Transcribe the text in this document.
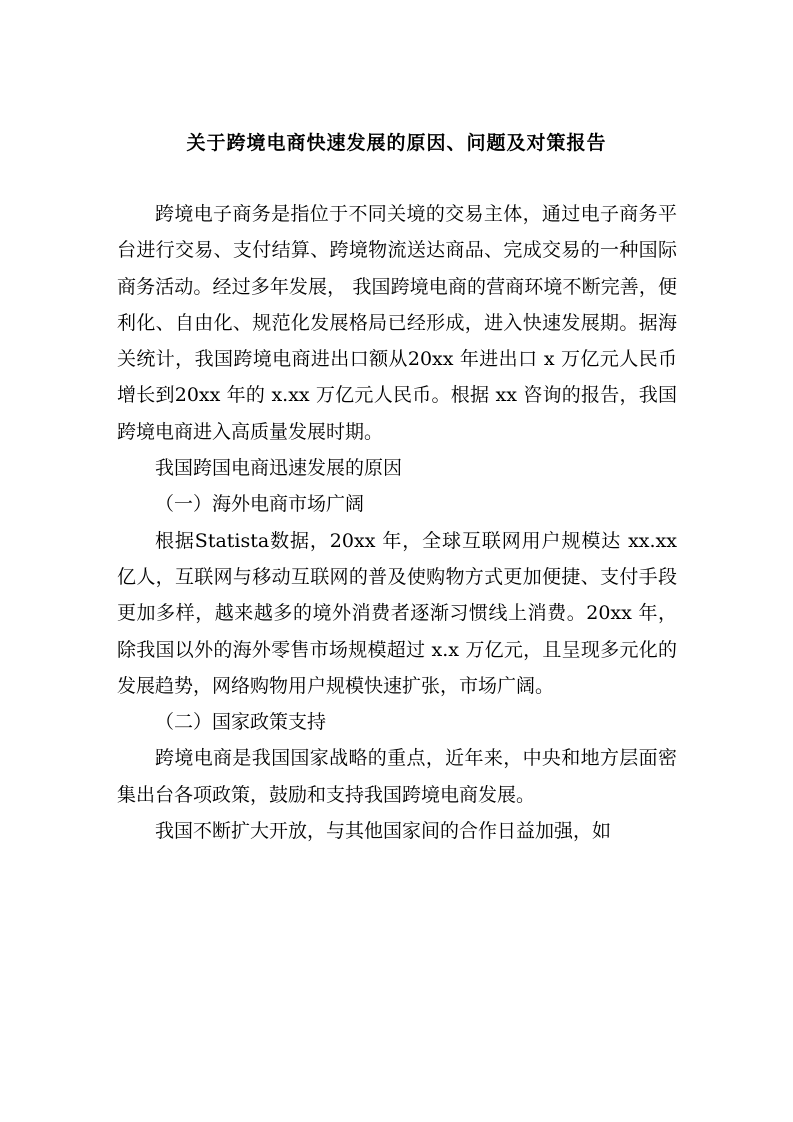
关于跨境电商快速发展的原因、问题及对策报告

跨境电子商务是指位于不同关境的交易主体，通过电子商务平台进行交易、支付结算、跨境物流送达商品、完成交易的一种国际商务活动。经过多年发展， 我国跨境电商的营商环境不断完善，便利化、自由化、规范化发展格局已经形成，进入快速发展期。据海关统计，我国跨境电商进出口额从20xx 年进出口 x 万亿元人民币增长到20xx 年的 x.xx 万亿元人民币。根据 xx 咨询的报告，我国跨境电商进入高质量发展时期。

我国跨国电商迅速发展的原因

（一）海外电商市场广阔

根据Statista数据，20xx 年，全球互联网用户规模达 xx.xx 亿人，互联网与移动互联网的普及使购物方式更加便捷、支付手段更加多样，越来越多的境外消费者逐渐习惯线上消费。20xx 年，除我国以外的海外零售市场规模超过 x.x 万亿元，且呈现多元化的发展趋势，网络购物用户规模快速扩张，市场广阔。

（二）国家政策支持

跨境电商是我国国家战略的重点，近年来，中央和地方层面密集出台各项政策，鼓励和支持我国跨境电商发展。

我国不断扩大开放，与其他国家间的合作日益加强，如
